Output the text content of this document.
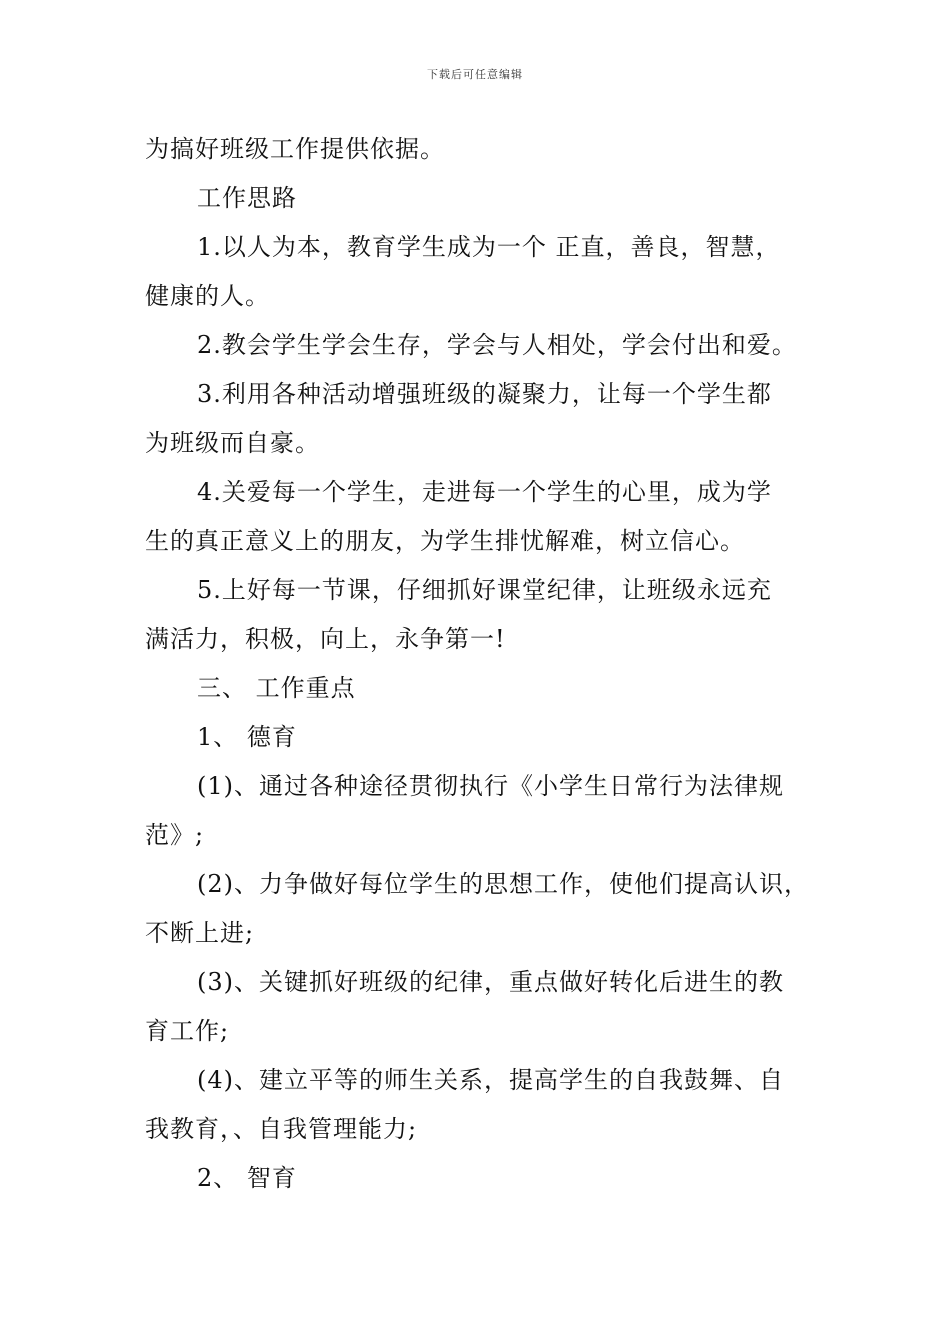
下载后可任意编辑
为搞好班级工作提供依据。
工作思路
1.以人为本，教育学生成为一个 正直，善良，智慧，
健康的人。
2.教会学生学会生存，学会与人相处，学会付出和爱。
3.利用各种活动增强班级的凝聚力，让每一个学生都
为班级而自豪。
4.关爱每一个学生，走进每一个学生的心里，成为学
生的真正意义上的朋友，为学生排忧解难，树立信心。
5.上好每一节课，仔细抓好课堂纪律，让班级永远充
满活力，积极，向上，永争第一!
三、 工作重点
1、 德育
(1)、通过各种途径贯彻执行《小学生日常行为法律规
范》;
(2)、力争做好每位学生的思想工作，使他们提高认识，
不断上进;
(3)、关键抓好班级的纪律，重点做好转化后进生的教
育工作;
(4)、建立平等的师生关系，提高学生的自我鼓舞、自
我教育，、自我管理能力;
2、 智育
